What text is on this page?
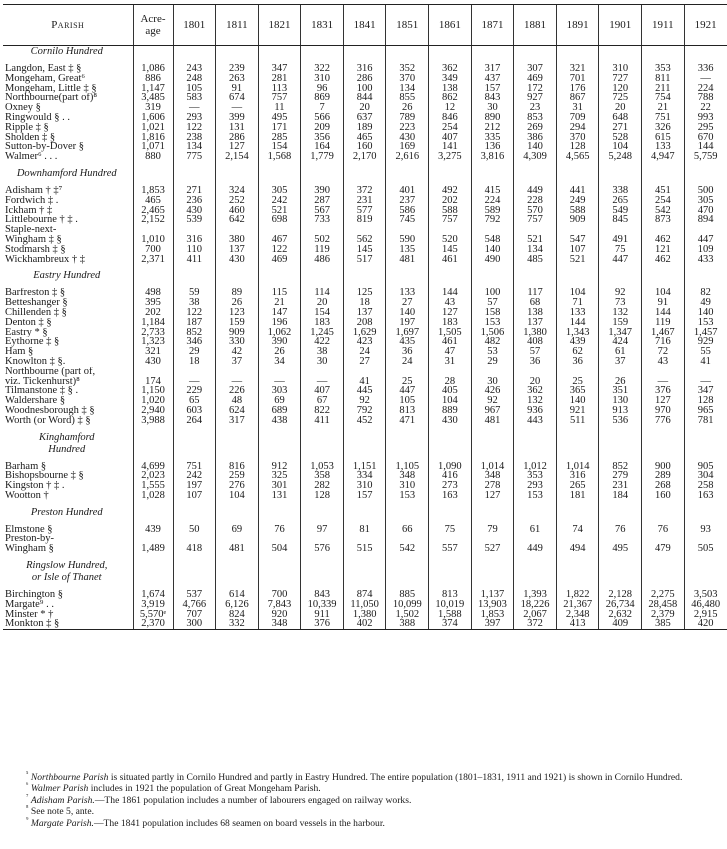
Parish	Acre-age	1801	1811	1821	1831	1841	1851	1861	1871	1881	1891	1901	1911	1921
Cornilo Hundred														

Langdon, East ‡ §	1,086	243	239	347	322	316	352	362	317	307	321	310	353	336
Mongeham, Great⁶	886	248	263	281	310	286	370	349	437	469	701	727	811	—
Mongeham, Little ‡ §	1,147	105	91	113	96	100	134	138	157	172	176	120	211	224
Northbourne(part of)⁸	3,485	583	674	757	869	844	855	862	843	927	867	725	754	788
Oxney §	319	—	—	11	7	20	26	12	30	23	31	20	21	22
Ringwould § . .	1,606	293	399	495	566	637	789	846	890	853	709	648	751	993
Ripple ‡ §	1,021	122	131	171	209	189	223	254	212	269	294	271	326	295
Sholden ‡ §	1,816	238	286	285	356	465	430	407	335	386	370	528	615	670
Sutton-by-Dover §	1,071	134	127	154	164	160	169	141	136	140	128	104	133	144
Walmer⁶ . . .	880	775	2,154	1,568	1,779	2,170	2,616	3,275	3,816	4,309	4,565	5,248	4,947	5,759

Downhamford Hundred														

Adisham † ‡⁷	1,853	271	324	305	390	372	401	492	415	449	441	338	451	500
Fordwich ‡ .	465	236	252	242	287	231	237	202	224	228	249	265	254	305
Ickham † ‡	2,465	430	460	521	567	577	586	588	589	570	588	549	542	470
Littlebourne † ‡ .	2,152	539	642	698	733	819	745	757	792	757	909	845	873	894
Staple-next-														
Wingham ‡ §	1,010	316	380	467	502	562	590	520	548	521	547	491	462	447
Stodmarsh ‡ §	700	110	137	122	119	145	135	145	140	134	107	75	121	109
Wickhambreux † ‡	2,371	411	430	469	486	517	481	461	490	485	521	447	462	433

Eastry Hundred														

Barfreston ‡ §	498	59	89	115	114	125	133	144	100	117	104	92	104	82
Betteshanger §	395	38	26	21	20	18	27	43	57	68	71	73	91	49
Chillenden ‡ §	202	122	123	147	154	137	140	127	158	138	133	132	144	140
Denton ‡ §	1,184	187	159	196	183	208	197	183	153	137	144	159	119	153
Eastry * §	2,733	852	909	1,062	1,245	1,629	1,697	1,505	1,506	1,380	1,343	1,347	1,467	1,457
Eythorne ‡ §	1,323	346	330	390	422	423	435	461	482	408	439	424	716	929
Ham §	321	29	42	26	38	24	36	47	53	57	62	61	72	55
Knowlton ‡ §.	430	18	37	34	30	27	24	31	29	36	36	37	43	41
Northbourne (part of,														
viz. Tickenhurst)⁸	174	—	—	—	—	41	25	28	30	20	25	26	—	—
Tilmanstone ‡ § .	1,150	229	226	303	407	445	447	405	426	362	365	351	376	347
Waldershare §	1,020	65	48	69	67	92	105	104	92	132	140	130	127	128
Woodnesborough ‡ §	2,940	603	624	689	822	792	813	889	967	936	921	913	970	965
Worth (or Word) ‡ §	3,988	264	317	438	411	452	471	430	481	443	511	536	776	781

Kinghamford														
Hundred														

Barham §	4,699	751	816	912	1,053	1,151	1,105	1,090	1,014	1,012	1,014	852	900	905
Bishopsbourne ‡ §	2,023	242	259	325	358	334	348	416	348	353	316	279	289	304
Kingston † ‡ .	1,555	197	276	301	282	310	310	273	278	293	265	231	268	258
Wootton †	1,028	107	104	131	128	157	153	163	127	153	181	184	160	163

Preston Hundred														

Elmstone §	439	50	69	76	97	81	66	75	79	61	74	76	76	93
Preston-by-														
Wingham §	1,489	418	481	504	576	515	542	557	527	449	494	495	479	505

Ringslow Hundred,														
or Isle of Thanet														

Birchington §	1,674	537	614	700	843	874	885	813	1,137	1,393	1,822	2,128	2,275	3,503
Margate⁹ . .	3,919	4,766	6,126	7,843	10,339	11,050	10,099	10,019	13,903	18,226	21,367	26,734	28,458	46,480
Minster * †	5,570ᵉ	707	824	920	911	1,380	1,502	1,588	1,853	2,067	2,348	2,632	2,379	2,915
Monkton ‡ §	2,370	300	332	348	376	402	388	374	397	372	413	409	385	420

$^{^5}$ Northbourne Parish is situated partly in Cornilo Hundred and partly in Eastry Hundred. The entire population (1801–1831, 1911 and 1921) is shown in Cornilo Hundred.

$^{^6}$ Walmer Parish includes in 1921 the population of Great Mongeham Parish.

$^{^7}$ Adisham Parish.—The 1861 population includes a number of labourers engaged on railway works.

$^{^8}$ See note 5, ante.

$^{^9}$ Margate Parish.—The 1841 population includes 68 seamen on board vessels in the harbour.
